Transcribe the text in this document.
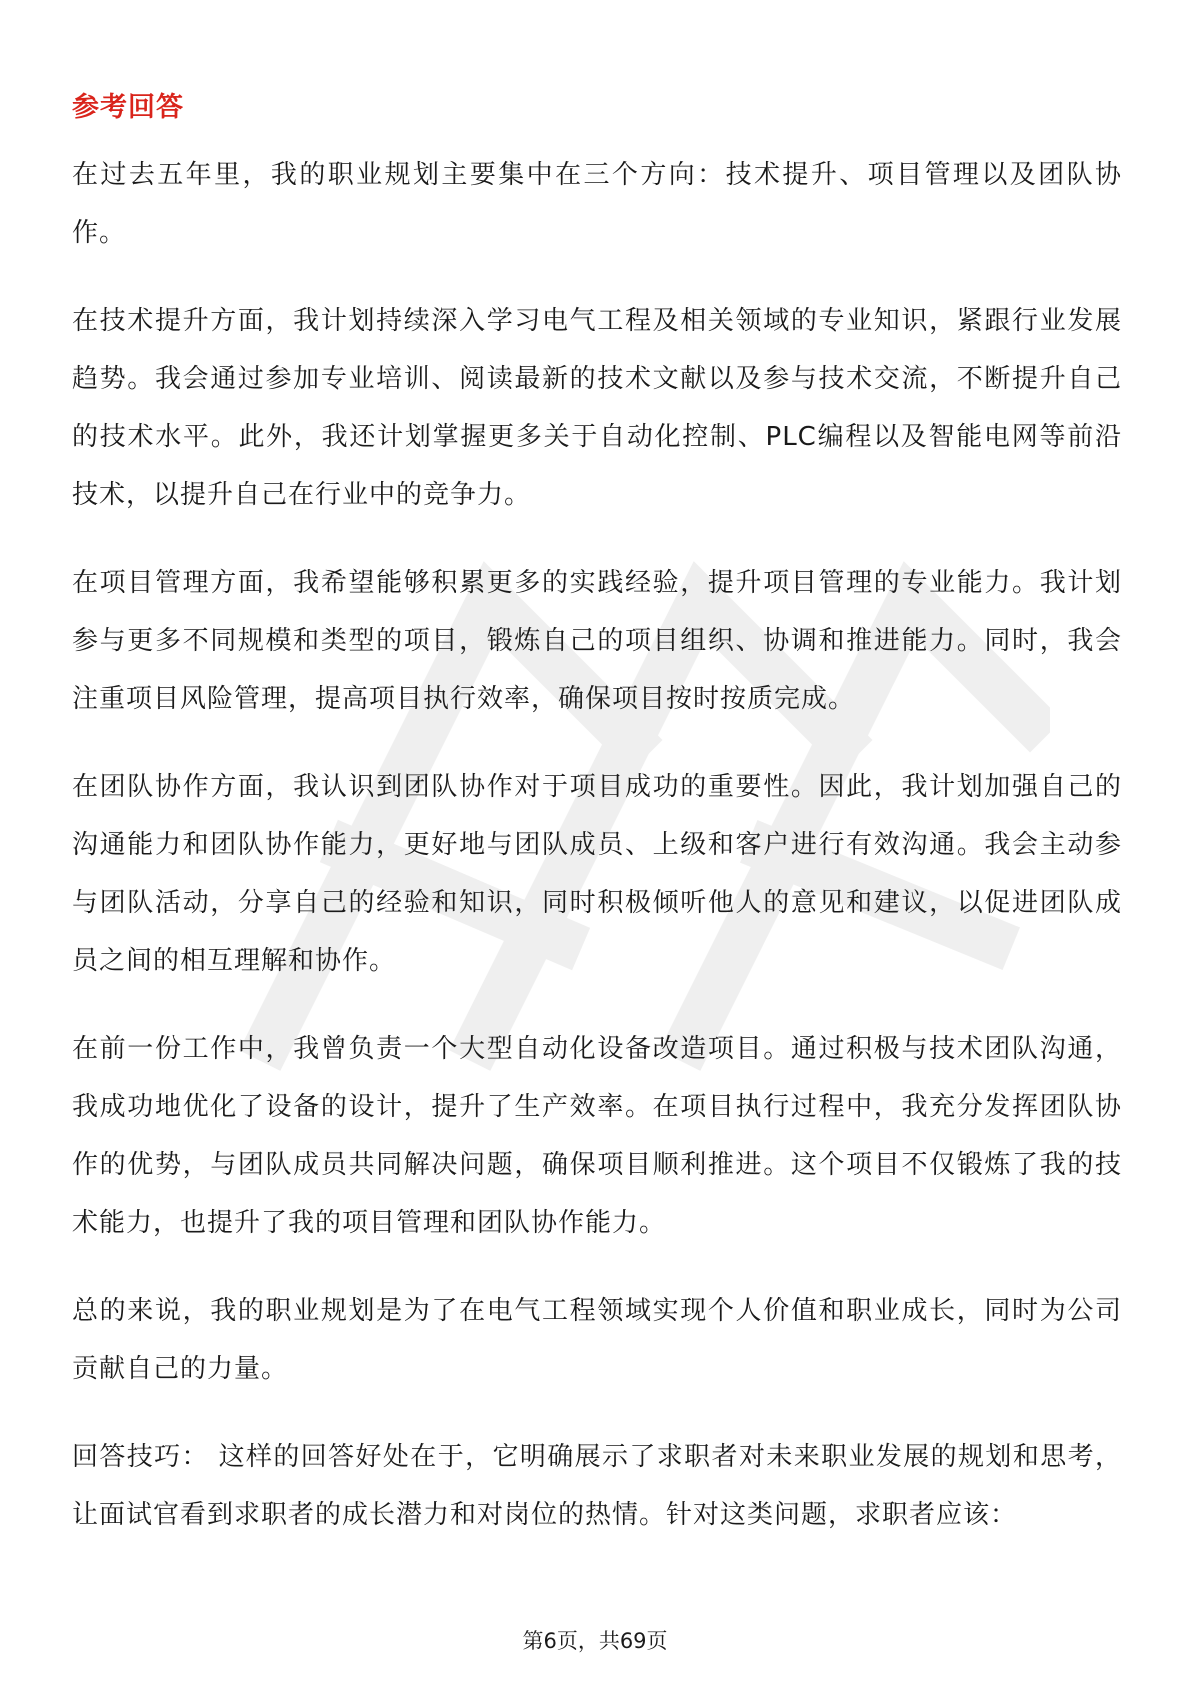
参考回答

在过去五年里，我的职业规划主要集中在三个方向：技术提升、项目管理以及团队协作。

在技术提升方面，我计划持续深入学习电气工程及相关领域的专业知识，紧跟行业发展趋势。我会通过参加专业培训、阅读最新的技术文献以及参与技术交流，不断提升自己的技术水平。此外，我还计划掌握更多关于自动化控制、PLC编程以及智能电网等前沿技术，以提升自己在行业中的竞争力。

在项目管理方面，我希望能够积累更多的实践经验，提升项目管理的专业能力。我计划参与更多不同规模和类型的项目，锻炼自己的项目组织、协调和推进能力。同时，我会注重项目风险管理，提高项目执行效率，确保项目按时按质完成。

在团队协作方面，我认识到团队协作对于项目成功的重要性。因此，我计划加强自己的沟通能力和团队协作能力，更好地与团队成员、上级和客户进行有效沟通。我会主动参与团队活动，分享自己的经验和知识，同时积极倾听他人的意见和建议，以促进团队成员之间的相互理解和协作。

在前一份工作中，我曾负责一个大型自动化设备改造项目。通过积极与技术团队沟通，我成功地优化了设备的设计，提升了生产效率。在项目执行过程中，我充分发挥团队协作的优势，与团队成员共同解决问题，确保项目顺利推进。这个项目不仅锻炼了我的技术能力，也提升了我的项目管理和团队协作能力。

总的来说，我的职业规划是为了在电气工程领域实现个人价值和职业成长，同时为公司贡献自己的力量。

回答技巧： 这样的回答好处在于，它明确展示了求职者对未来职业发展的规划和思考，让面试官看到求职者的成长潜力和对岗位的热情。针对这类问题，求职者应该：

第6页，共69页
